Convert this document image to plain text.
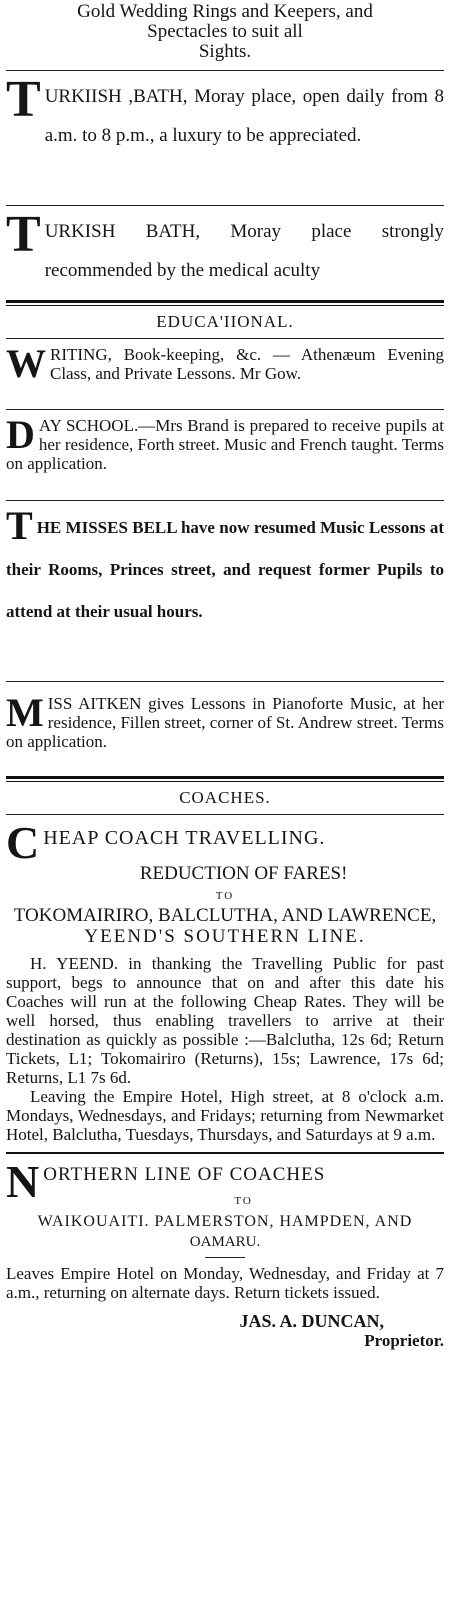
Gold Wedding Rings and Keepers, and

Spectacles to suit all

Sights.

T URKIISH ,BATH, Moray place, open daily from 8 a.m. to 8 p.m., a luxury to be appreciated.

T URKISH BATH, Moray place strongly recommended by the medical aculty

EDUCA'IIONAL.
W RITING, Book-keeping, &c. — Athenæum Evening Class, and Private Lessons. Mr Gow.

D AY SCHOOL.—Mrs Brand is prepared to receive pupils at her residence, Forth street. Music and French taught. Terms on application.

T HE MISSES BELL have now resumed Music Lessons at their Rooms, Princes street, and request former Pupils to attend at their usual hours.

M ISS AITKEN gives Lessons in Pianoforte Music, at her residence, Fillen street, corner of St. Andrew street. Terms on application.

COACHES.
C HEAP COACH TRAVELLING.

REDUCTION OF FARES!

TO

TOKOMAIRIRO, BALCLUTHA, AND LAWRENCE,

YEEND'S SOUTHERN LINE.

H. YEEND. in thanking the Travelling Public for past support, begs to announce that on and after this date his Coaches will run at the following Cheap Rates. They will be well horsed, thus enabling travellers to arrive at their destination as quickly as possible :—Balclutha, 12s 6d; Return Tickets, L1; Tokomairiro (Returns), 15s; Lawrence, 17s 6d; Returns, L1 7s 6d.

Leaving the Empire Hotel, High street, at 8 o'clock a.m. Mondays, Wednesdays, and Fridays; returning from Newmarket Hotel, Balclutha, Tuesdays, Thursdays, and Saturdays at 9 a.m.

N ORTHERN LINE OF COACHES

TO

WAIKOUAITI. PALMERSTON, HAMPDEN, AND

OAMARU.

Leaves Empire Hotel on Monday, Wednesday, and Friday at 7 a.m., returning on alternate days. Return tickets issued.

JAS. A. DUNCAN,

Proprietor.
